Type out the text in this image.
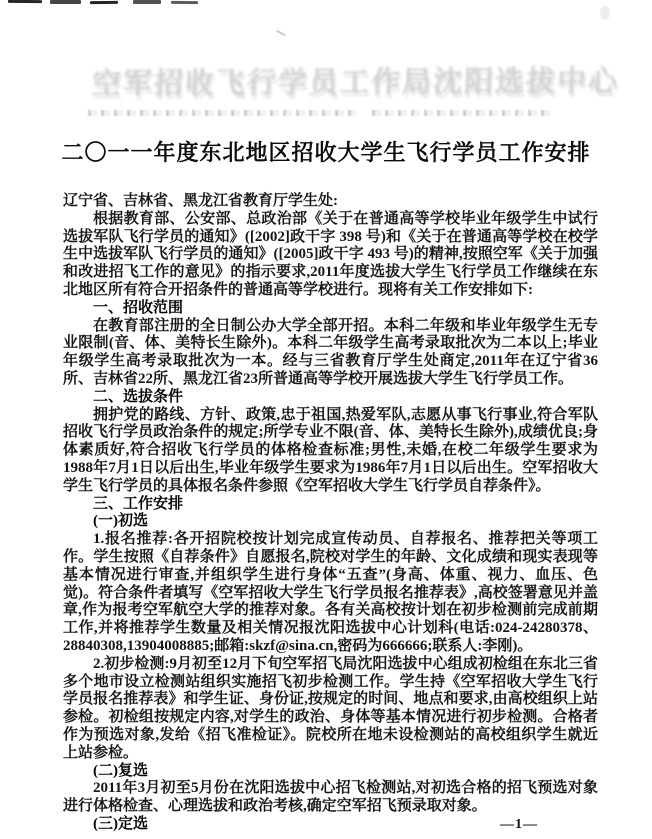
空军招收飞行学员工作局沈阳选拔中心
二〇一一年度东北地区招收大学生飞行学员工作安排

辽宁省、吉林省、黑龙江省教育厅学生处:

根据教育部、公安部、总政治部《关于在普通高等学校毕业年级学生中试行选拔军队飞行学员的通知》([2002]政干字 398 号)和《关于在普通高等学校在校学生中选拔军队飞行学员的通知》([2005]政干字 493 号)的精神,按照空军《关于加强和改进招飞工作的意见》的指示要求,2011年度选拔大学生飞行学员工作继续在东北地区所有符合开招条件的普通高等学校进行。现将有关工作安排如下:

一、招收范围

在教育部注册的全日制公办大学全部开招。本科二年级和毕业年级学生无专业限制(音、体、美特长生除外)。本科二年级学生高考录取批次为二本以上;毕业年级学生高考录取批次为一本。经与三省教育厅学生处商定,2011年在辽宁省36所、吉林省22所、黑龙江省23所普通高等学校开展选拔大学生飞行学员工作。

二、选拔条件

拥护党的路线、方针、政策,忠于祖国,热爱军队,志愿从事飞行事业,符合军队招收飞行学员政治条件的规定;所学专业不限(音、体、美特长生除外),成绩优良;身体素质好,符合招收飞行学员的体格检查标准;男性,未婚,在校二年级学生要求为1988年7月1日以后出生,毕业年级学生要求为1986年7月1日以后出生。空军招收大学生飞行学员的具体报名条件参照《空军招收大学生飞行学员自荐条件》。

三、工作安排

(一)初选

1.报名推荐:各开招院校按计划完成宣传动员、自荐报名、推荐把关等项工作。学生按照《自荐条件》自愿报名,院校对学生的年龄、文化成绩和现实表现等基本情况进行审查,并组织学生进行身体“五查”(身高、体重、视力、血压、色觉)。符合条件者填写《空军招收大学生飞行学员报名推荐表》,高校签署意见并盖章,作为报考空军航空大学的推荐对象。各有关高校按计划在初步检测前完成前期工作,并将推荐学生数量及相关情况报沈阳选拔中心计划科(电话:024-24280378、28840308,13904008885;邮箱:skzf@sina.cn,密码为666666;联系人:李刚)。

2.初步检测:9月初至12月下旬空军招飞局沈阳选拔中心组成初检组在东北三省多个地市设立检测站组织实施招飞初步检测工作。学生持《空军招收大学生飞行学员报名推荐表》和学生证、身份证,按规定的时间、地点和要求,由高校组织上站参检。初检组按规定内容,对学生的政治、身体等基本情况进行初步检测。合格者作为预选对象,发给《招飞准检证》。院校所在地未设检测站的高校组织学生就近上站参检。

(二)复选

2011年3月初至5月份在沈阳选拔中心招飞检测站,对初选合格的招飞预选对象进行体格检查、心理选拔和政治考核,确定空军招飞预录取对象。

(三)定选	—1—
